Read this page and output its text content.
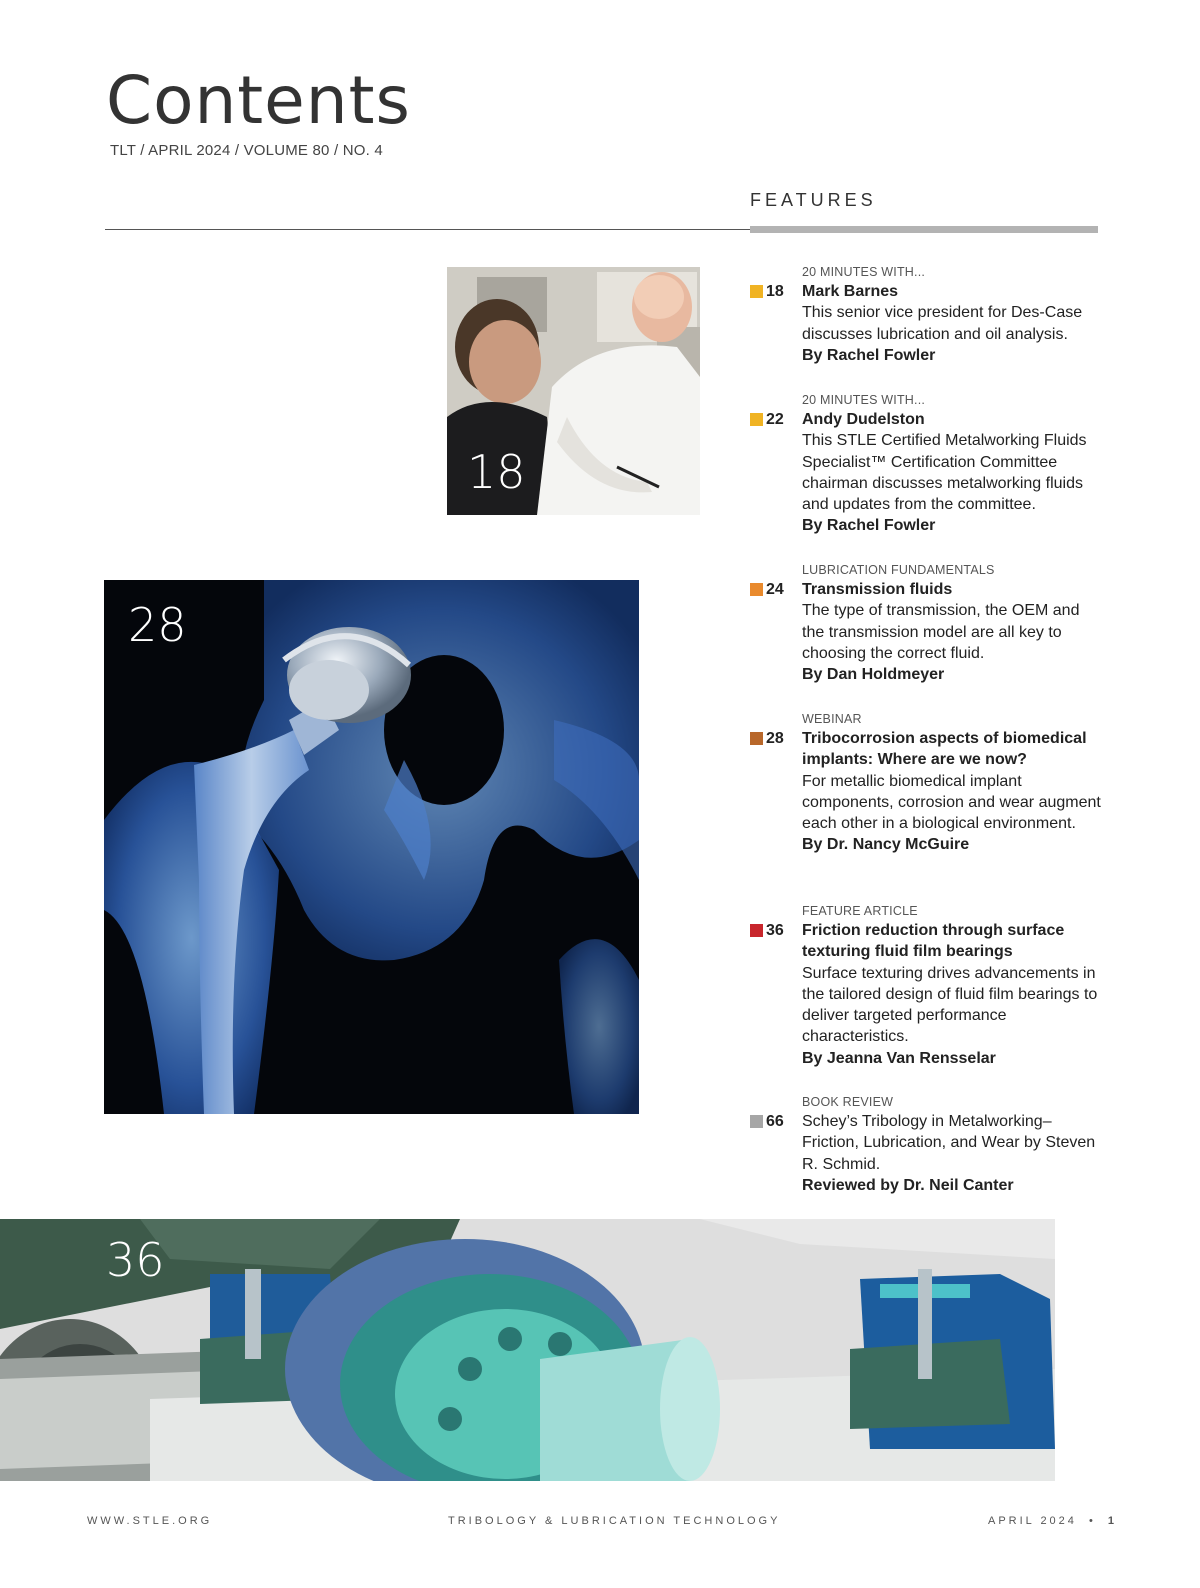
Contents
TLT / APRIL 2024 / VOLUME 80 / NO. 4
FEATURES
18
28
36
20 MINUTES WITH...
18 Mark Barnes
This senior vice president for Des-Case discusses lubrication and oil analysis.
By Rachel Fowler
20 MINUTES WITH...
22 Andy Dudelston
This STLE Certified Metalworking Fluids Specialist™ Certification Committee chairman discusses metalworking fluids and updates from the committee.
By Rachel Fowler
LUBRICATION FUNDAMENTALS
24 Transmission fluids
The type of transmission, the OEM and the transmission model are all key to choosing the correct fluid.
By Dan Holdmeyer
WEBINAR
28 Tribocorrosion aspects of biomedical implants: Where are we now?
For metallic biomedical implant components, corrosion and wear augment each other in a biological environment.
By Dr. Nancy McGuire
FEATURE ARTICLE
36 Friction reduction through surface texturing fluid film bearings
Surface texturing drives advancements in the tailored design of fluid film bearings to deliver targeted performance characteristics.
By Jeanna Van Rensselar
BOOK REVIEW
66 Schey’s Tribology in Metalworking–Friction, Lubrication, and Wear by Steven R. Schmid.
Reviewed by Dr. Neil Canter
WWW.STLE.ORG	TRIBOLOGY & LUBRICATION TECHNOLOGY	APRIL 2024 • 1
